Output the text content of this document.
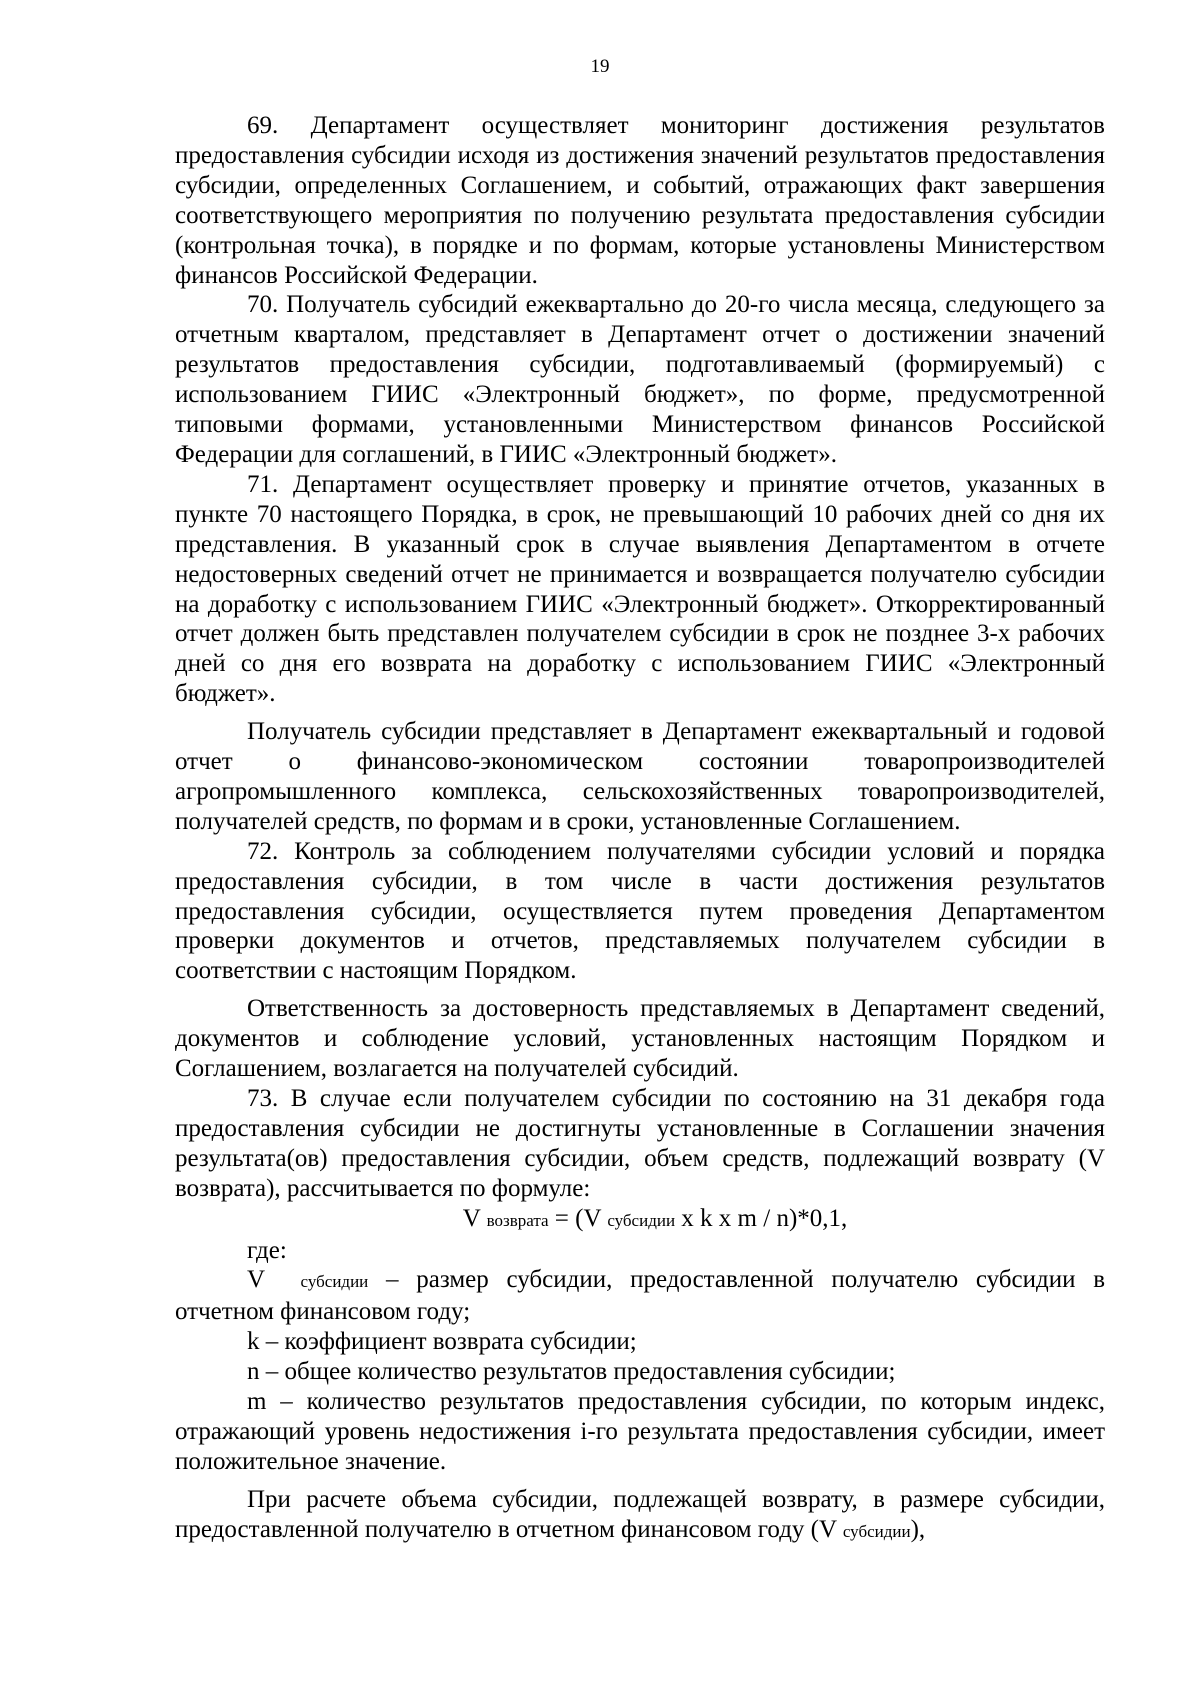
19

69. Департамент осуществляет мониторинг достижения результатов предоставления субсидии исходя из достижения значений результатов предоставления субсидии, определенных Соглашением, и событий, отражающих факт завершения соответствующего мероприятия по получению результата предоставления субсидии (контрольная точка), в порядке и по формам, которые установлены Министерством финансов Российской Федерации.

70. Получатель субсидий ежеквартально до 20-го числа месяца, следующего за отчетным кварталом, представляет в Департамент отчет о достижении значений результатов предоставления субсидии, подготавливаемый (формируемый) с использованием ГИИС «Электронный бюджет», по форме, предусмотренной типовыми формами, установленными Министерством финансов Российской Федерации для соглашений, в ГИИС «Электронный бюджет».

71. Департамент осуществляет проверку и принятие отчетов, указанных в пункте 70 настоящего Порядка, в срок, не превышающий 10 рабочих дней со дня их представления. В указанный срок в случае выявления Департаментом в отчете недостоверных сведений отчет не принимается и возвращается получателю субсидии на доработку с использованием ГИИС «Электронный бюджет». Откорректированный отчет должен быть представлен получателем субсидии в срок не позднее 3-х рабочих дней со дня его возврата на доработку с использованием ГИИС «Электронный бюджет».

Получатель субсидии представляет в Департамент ежеквартальный и годовой отчет о финансово-экономическом состоянии товаропроизводителей агропромышленного комплекса, сельскохозяйственных товаропроизводителей, получателей средств, по формам и в сроки, установленные Соглашением.

72. Контроль за соблюдением получателями субсидии условий и порядка предоставления субсидии, в том числе в части достижения результатов предоставления субсидии, осуществляется путем проведения Департаментом проверки документов и отчетов, представляемых получателем субсидии в соответствии с настоящим Порядком.

Ответственность за достоверность представляемых в Департамент сведений, документов и соблюдение условий, установленных настоящим Порядком и Соглашением, возлагается на получателей субсидий.

73. В случае если получателем субсидии по состоянию на 31 декабря года предоставления субсидии не достигнуты установленные в Соглашении значения результата(ов) предоставления субсидии, объем средств, подлежащий возврату (V возврата), рассчитывается по формуле:

V возврата = (V субсидии x k x m / n)*0,1,

где:

V субсидии – размер субсидии, предоставленной получателю субсидии в отчетном финансовом году;

k – коэффициент возврата субсидии;

n – общее количество результатов предоставления субсидии;

m – количество результатов предоставления субсидии, по которым индекс, отражающий уровень недостижения i-го результата предоставления субсидии, имеет положительное значение.

При расчете объема субсидии, подлежащей возврату, в размере субсидии, предоставленной получателю в отчетном финансовом году (V субсидии),
